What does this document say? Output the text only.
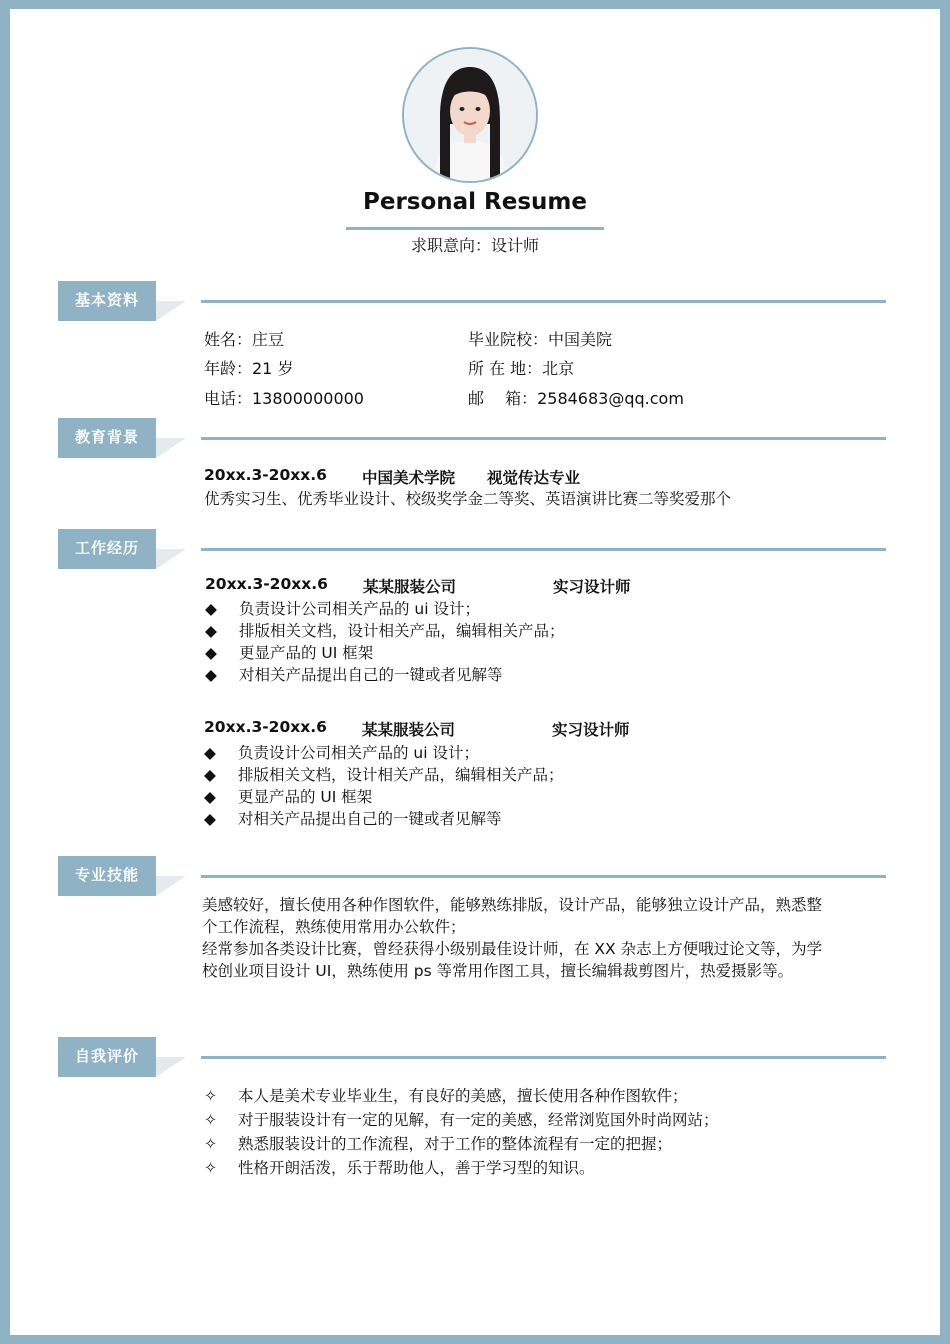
Personal Resume
求职意向：设计师
基本资料
姓名：庄豆	毕业院校：中国美院
年龄：21 岁	所 在 地：北京
电话：13800000000	邮　 箱：2584683@qq.com
教育背景
20xx.3-20xx.6 中国美术学院 视觉传达专业
优秀实习生、优秀毕业设计、校级奖学金二等奖、英语演讲比赛二等奖爱那个
工作经历
20xx.3-20xx.6 某某服装公司	实习设计师
◆ 负责设计公司相关产品的 ui 设计；
◆ 排版相关文档，设计相关产品，编辑相关产品；
◆ 更显产品的 UI 框架
◆ 对相关产品提出自己的一键或者见解等
20xx.3-20xx.6 某某服装公司	实习设计师
◆ 负责设计公司相关产品的 ui 设计；
◆ 排版相关文档，设计相关产品，编辑相关产品；
◆ 更显产品的 UI 框架
◆ 对相关产品提出自己的一键或者见解等
专业技能
美感较好，擅长使用各种作图软件，能够熟练排版，设计产品，能够独立设计产品，熟悉整
个工作流程，熟练使用常用办公软件；
经常参加各类设计比赛，曾经获得小级别最佳设计师，在 XX 杂志上方便哦过论文等，为学
校创业项目设计 UI，熟练使用 ps 等常用作图工具，擅长编辑裁剪图片，热爱摄影等。
自我评价
✧ 本人是美术专业毕业生，有良好的美感，擅长使用各种作图软件；
✧ 对于服装设计有一定的见解，有一定的美感，经常浏览国外时尚网站；
✧ 熟悉服装设计的工作流程，对于工作的整体流程有一定的把握；
✧ 性格开朗活泼，乐于帮助他人，善于学习型的知识。
